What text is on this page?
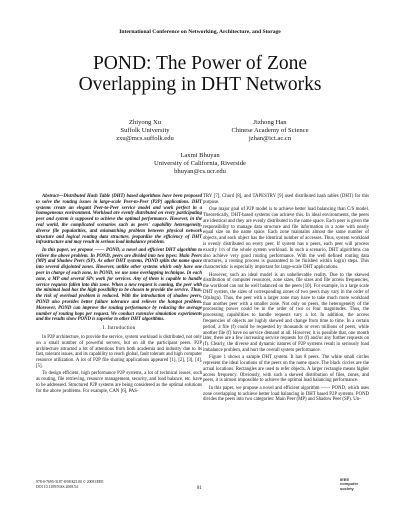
International Conference on Networking, Architecture, and Storage
POND: The Power of Zone Overlapping in DHT Networks
Zhiyong Xu
Suffolk University
zxu@mcs.suffolk.edu
Jizhong Han
Chinese Academy of Science
jzhan@ict.ac.cn
Laxmi Bhuyan
University of California, Riverside
bhuyan@cs.ucr.edu

Abstract—Distributed Hash Table (DHT) based algorithms have been proposed to solve the routing issues in large-scale Peer-to-Peer (P2P) applications. DHT systems create an elegant Peer-to-Peer service model and work perfect in a homogeneous environment. Workload are evenly distributed on every participating peer and system is supposed to achieve the optimal performance. However, in the real world, the complicated scenarios such as peers' capability heterogeneity, diverse file popularities, and mismatching problem between physical network structure and logical routing data structure, jeopardize the efficiency of DHT infrastructure and may result in serious load imbalance problem.

In this paper, we propose —— POND, a novel and efficient DHT algorithm to relieve the above problem. In POND, peers are divided into two types: Main Peers (MP) and Shadow Peers (SP). As other DHT systems, POND splits the name space into several disjointed zones. However, unlike other systems which only have one peer in charge of each zone, in POND, we use zone overlapping technique. In each zone, a MP and several SPs work for services. Any of them is capable to handle service requests fallen into this zone. When a new request is coming, the peer with the minimal load has the high possibility to be chosen to provide the service. Thus, the risk of overload problem is reduced. With the introduction of shadow peers, POND also provides better failure tolerance and relieves the hotspot problem. Moreover, POND can improve the routing performance by reducing the average number of routing hops per request. We conduct extensive simulation experiments and the results show POND is superior to other DHT algorithms.

I. Introduction

In P2P architecture, to provide the service, system workload is distributed, not only on a small number of powerful servers, but on all the participant peers. P2P architecture attracted a lot of attentions from both academia and industry due to its fast, tolerant issues, and its capability to reach global, fault tolerant and high computer resource utilization. A lot of P2P file sharing applications appeared [1], [2], [3], [4], [5].

To design efficient, high performance P2P systems, a lot of technical issues, such as routing, file retrieving, resource management, security, and load balance, etc. have to be addressed. Structured P2P systems are being considered as the optimal solutions for the above problems. For example, CAN [6], PAS-

TRY [7], Chord [8], and TAPESTRY [9] used distributed hash tables (DHT) for this purpose.

One major goal of P2P model is to achieve better load balancing than C/S model. Theoretically, DHT-based systems can achieve this. In ideal environments, the peers are identical and they are evenly distributed in the name space. Each peer is given the responsibility to manage data structure and file information in a zone with nearly equal size on the name space. Each zone maintains almost the same number of objects, and each object has the identical number of accesses. Thus, system workload is evenly distributed on every peer. If system has n peers, each peer will process exactly 1/n of the whole system workload. In such a scenario, DHT algorithms can also achieve very good routing performance. With the well defined routing data structures, a routing process is guaranteed to be finished within log(n) steps. This characteristic is especially important for large-scale DHT applications.

However, such an ideal model is an unbelievable reality. Due to the skewed distribution of computer resources, zone sizes, file sizes and file access frequencies, the workload can not be well balanced on the peers [10]. For example, in a large scale DHT system, the sizes of corresponding zones of two peers may vary in the order of O(nlogn). Thus, the peer with a larger zone may have to take much more workload than another peer with a smaller zone. Not only on peers, the heterogeneity of the processing power could be in the order of two or four magnitudes. Thus, the processing capabilities to handle requests vary a lot. In addition, the access frequencies of objects are highly skewed and change from time to time. In a certain period, a file (f) could be requested by thousands or even millions of peers, while another file (f) have no service demand at all. However, it is possible that, one month later, there are a few increasing service requests for (f) and/or any further requests on (f). Clearly, the diverse and dynamic natures of P2P systems result in seriously load imbalance problem, and hurt the overall system performance.

Figure 1 shows a sample DHT system. It has 8 peers. The white small circles represent the ideal locations of the peers on the name space. The black circles are the actual locations. Rectangles are used to refer objects. A larger rectangle means higher access frequency. Obviously, with such a skewed distribution of files, zones, and peers, it is almost impossible to achieve the optimal load balancing performance.

In this paper, we propose a novel and efficient algorithm —— POND, which uses zone overlapping to achieve better load balancing in DHT based P2P systems. POND divides the peers into two categories: Main Peer (MP) and Shadow Peer (SP). Un-

978-0-7695-3187-8/08 $25.00 © 2008 IEEE
DOI 10.1109/NAS.2008.54	81
IEEE
computer
society
